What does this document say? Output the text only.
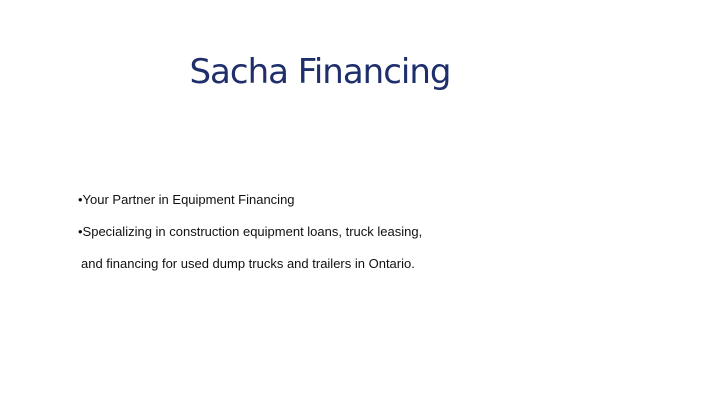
Sacha Financing
•Your Partner in Equipment Financing
•Specializing in construction equipment loans, truck leasing,
and financing for used dump trucks and trailers in Ontario.
